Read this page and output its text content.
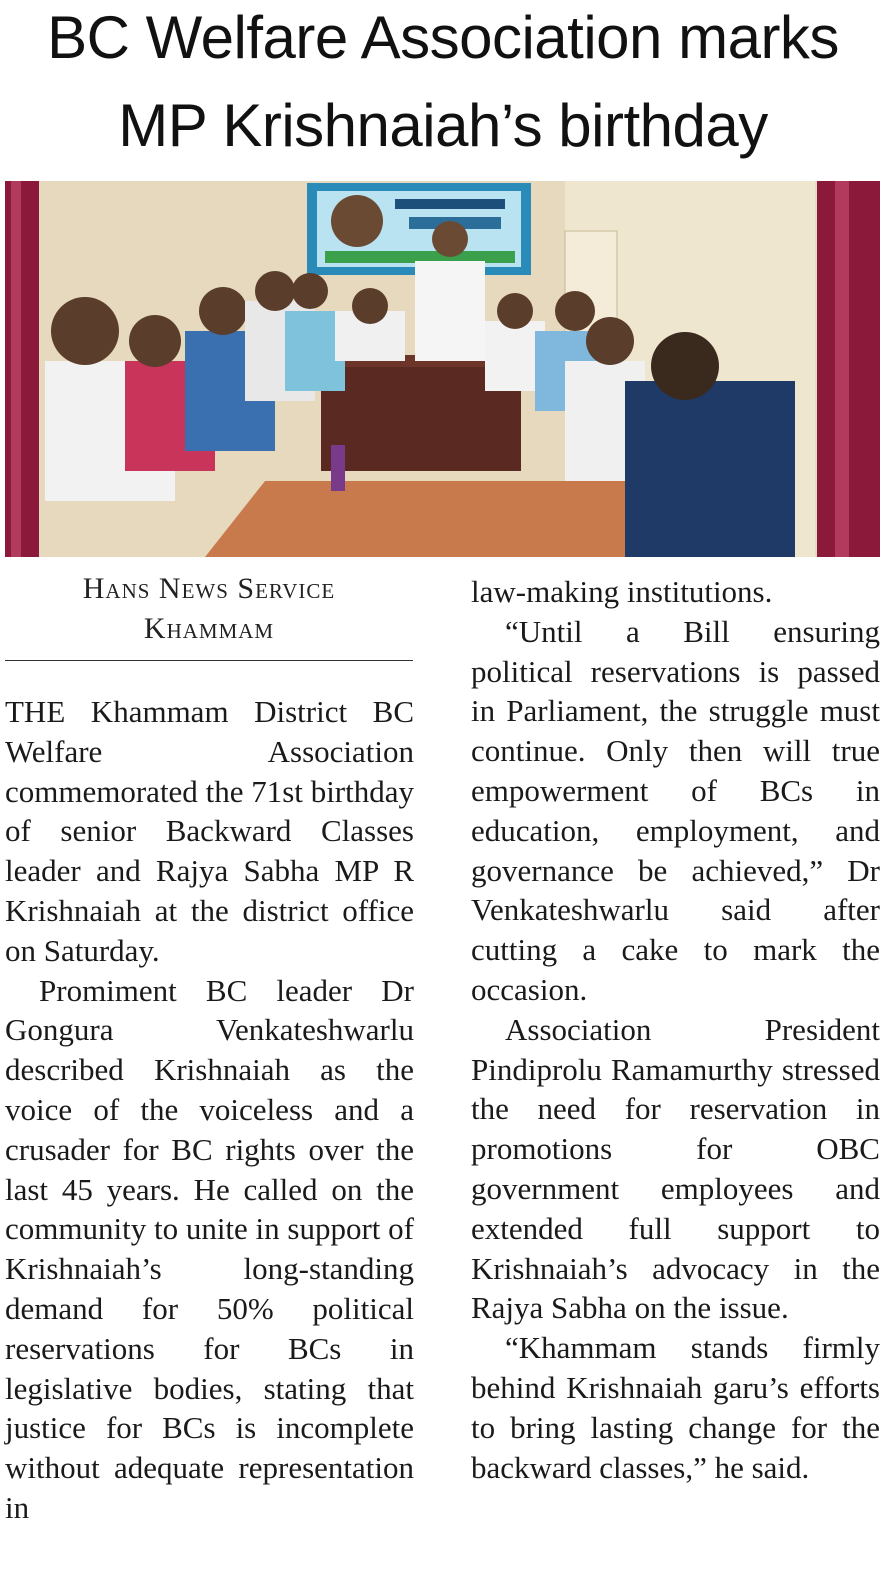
BC Welfare Association marks
MP Krishnaiah’s birthday
Hans News Service
Khammam

THE Khammam District BC Welfare Association commemorated the 71st birthday of senior Backward Classes leader and Rajya Sabha MP R Krishnaiah at the district office on Saturday.

Promiment BC leader Dr Gongura Venkateshwarlu described Krishnaiah as the voice of the voiceless and a crusader for BC rights over the last 45 years. He called on the community to unite in support of Krishnaiah’s long-standing demand for 50% political reservations for BCs in legislative bodies, stating that justice for BCs is incomplete without adequate representation in

law-making institutions.

“Until a Bill ensuring political reservations is passed in Parliament, the struggle must continue. Only then will true empowerment of BCs in education, employment, and governance be achieved,” Dr Venkateshwarlu said after cutting a cake to mark the occasion.

Association President Pindiprolu Ramamurthy stressed the need for reservation in promotions for OBC government employees and extended full support to Krishnaiah’s advocacy in the Rajya Sabha on the issue.

“Khammam stands firmly behind Krishnaiah garu’s efforts to bring lasting change for the backward classes,” he said.
